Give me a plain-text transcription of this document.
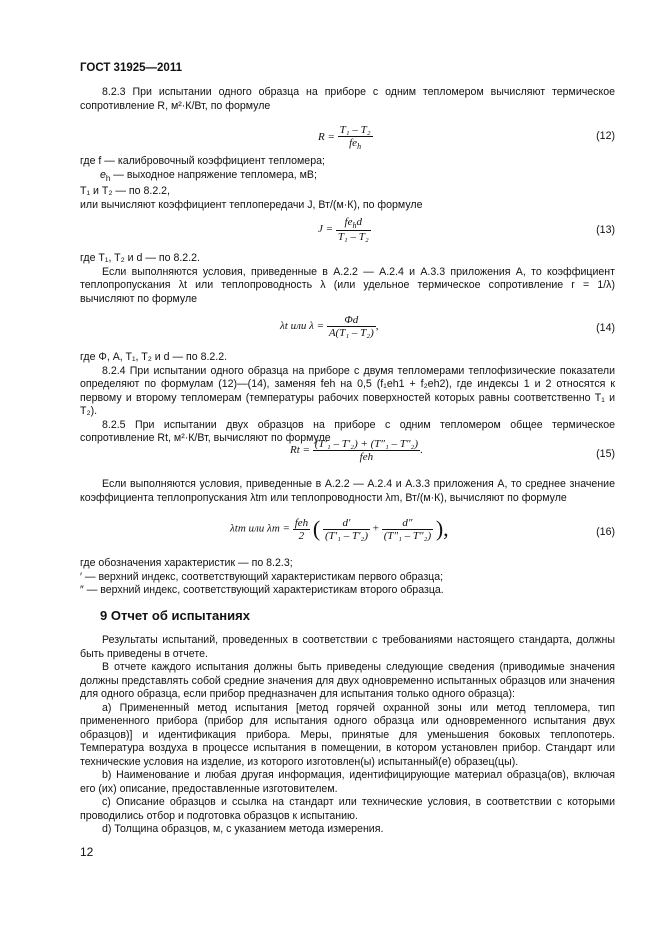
ГОСТ 31925—2011

8.2.3 При испытании одного образца на приборе с одним тепломером вычисляют термическое сопротивление R, м²·К/Вт, по формуле

$R = \frac{\text{T₁ – T₂}}{fe_h}$	(12)

где f — калибровочный коэффициент тепломера;

$e_h$ — выходное напряжение тепломера, мВ;

T₁ и T₂ — по 8.2.2,

или вычисляют коэффициент теплопередачи J, Вт/(м·К), по формуле

$J = \frac{fe_hd}{\text{T₁ – T₂}}$	(13)

где T₁, T₂ и d — по 8.2.2.

Если выполняются условия, приведенные в А.2.2 — А.2.4 и А.3.3 приложения А, то коэффициент теплопропускания λt или теплопроводность λ (или удельное термическое сопротивление r = 1/λ) вычисляют по формуле

λt или $\lambda = \frac{\Phi d}{\text{A(T₁ – T₂)}}$ ,	(14)

где Φ, A, T₁, T₂ и d — по 8.2.2.

8.2.4 При испытании одного образца на приборе с двумя тепломерами теплофизические показатели определяют по формулам (12)—(14), заменяя feh на 0,5 (f₁eh1 + f₂eh2), где индексы 1 и 2 относятся к первому и второму тепломерам (температуры рабочих поверхностей которых равны соответственно T₁ и T₂).

8.2.5 При испытании двух образцов на приборе с одним тепломером общее термическое сопротивление Rt, м²·К/Вт, вычисляют по формуле

$Rt = \frac{\text{(T′₁ – T′₂) + (T″₁ – T″₂)}}{\text{feh}}$ .	(15)

Если выполняются условия, приведенные в А.2.2 — А.2.4 и А.3.3 приложения А, то среднее значение коэффициента теплопропускания λtm или теплопроводности λm, Вт/(м·К), вычисляют по формуле

λtm или $\lambda m = \frac{\text{feh}}{2}$ ( $\frac{d'}{\text{(T′₁ – T′₂)}} + \frac{d''}{\text{(T″₁ – T″₂)}}$ ),	(16)

где обозначения характеристик — по 8.2.3;

′ — верхний индекс, соответствующий характеристикам первого образца;

″ — верхний индекс, соответствующий характеристикам второго образца.

9 Отчет об испытаниях

Результаты испытаний, проведенных в соответствии с требованиями настоящего стандарта, должны быть приведены в отчете.

В отчете каждого испытания должны быть приведены следующие сведения (приводимые значения должны представлять собой средние значения для двух одновременно испытанных образцов или значения для одного образца, если прибор предназначен для испытания только одного образца):

а) Примененный метод испытания [метод горячей охранной зоны или метод тепломера, тип примененного прибора (прибор для испытания одного образца или одновременного испытания двух образцов)] и идентификация прибора. Меры, принятые для уменьшения боковых теплопотерь. Температура воздуха в процессе испытания в помещении, в котором установлен прибор. Стандарт или технические условия на изделие, из которого изготовлен(ы) испытанный(е) образец(цы).

b) Наименование и любая другая информация, идентифицирующие материал образца(ов), включая его (их) описание, предоставленные изготовителем.

с) Описание образцов и ссылка на стандарт или технические условия, в соответствии с которыми проводились отбор и подготовка образцов к испытанию.

d) Толщина образцов, м, с указанием метода измерения.

12
